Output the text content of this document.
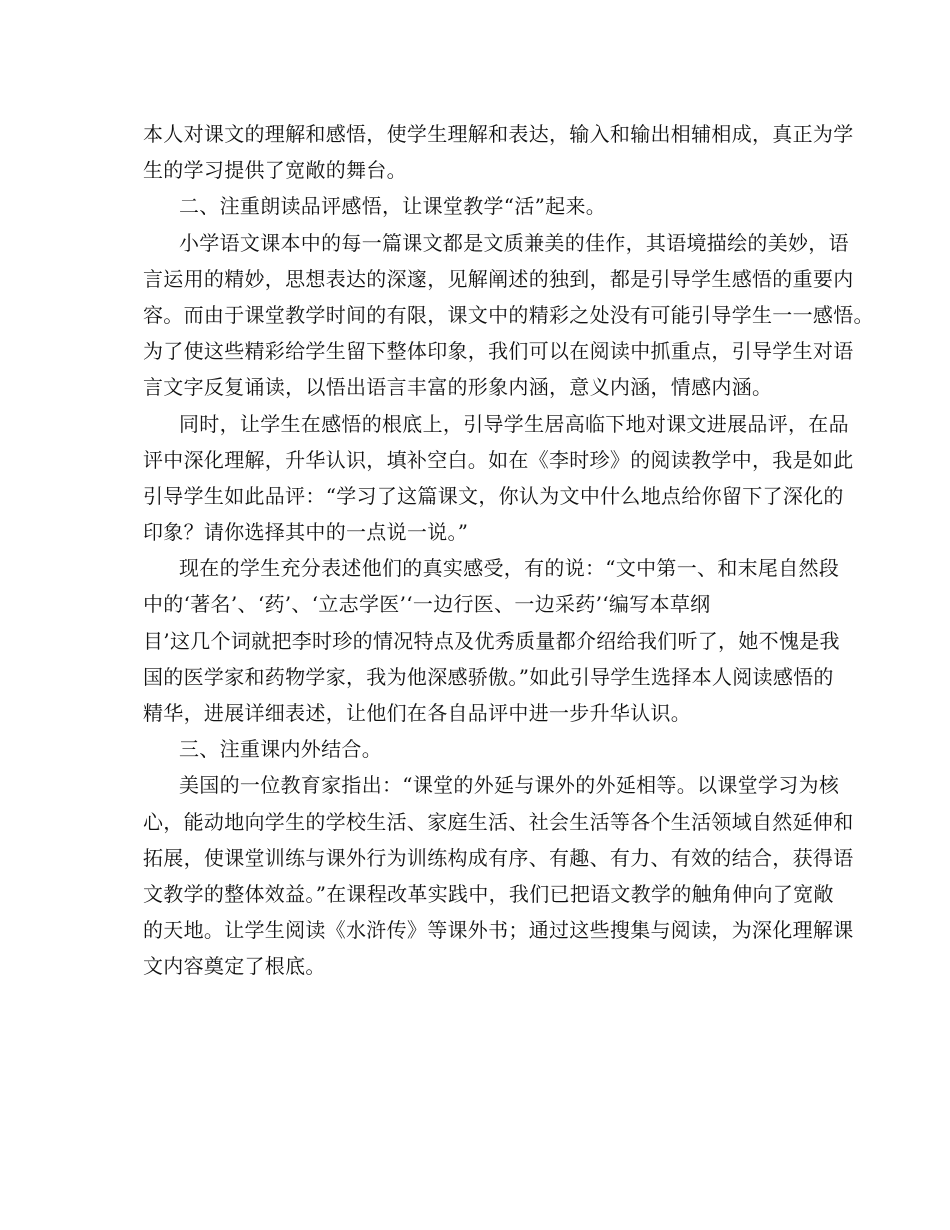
本人对课文的理解和感悟，使学生理解和表达，输入和输出相辅相成，真正为学
生的学习提供了宽敞的舞台。
二、注重朗读品评感悟，让课堂教学“活”起来。
小学语文课本中的每一篇课文都是文质兼美的佳作，其语境描绘的美妙，语
言运用的精妙，思想表达的深邃，见解阐述的独到，都是引导学生感悟的重要内
容。而由于课堂教学时间的有限，课文中的精彩之处没有可能引导学生一一感悟。
为了使这些精彩给学生留下整体印象，我们可以在阅读中抓重点，引导学生对语
言文字反复诵读，以悟出语言丰富的形象内涵，意义内涵，情感内涵。
同时，让学生在感悟的根底上，引导学生居高临下地对课文进展品评，在品
评中深化理解，升华认识，填补空白。如在《李时珍》的阅读教学中，我是如此
引导学生如此品评：“学习了这篇课文，你认为文中什么地点给你留下了深化的
印象？请你选择其中的一点说一说。”
现在的学生充分表述他们的真实感受，有的说：“文中第一、和末尾自然段
中的‘著名’、‘药’、‘立志学医’‘一边行医、一边采药’‘编写本草纲
目’这几个词就把李时珍的情况特点及优秀质量都介绍给我们听了，她不愧是我
国的医学家和药物学家，我为他深感骄傲。”如此引导学生选择本人阅读感悟的
精华，进展详细表述，让他们在各自品评中进一步升华认识。
三、注重课内外结合。
美国的一位教育家指出：“课堂的外延与课外的外延相等。以课堂学习为核
心，能动地向学生的学校生活、家庭生活、社会生活等各个生活领域自然延伸和
拓展，使课堂训练与课外行为训练构成有序、有趣、有力、有效的结合，获得语
文教学的整体效益。”在课程改革实践中，我们已把语文教学的触角伸向了宽敞
的天地。让学生阅读《水浒传》等课外书；通过这些搜集与阅读，为深化理解课
文内容奠定了根底。
